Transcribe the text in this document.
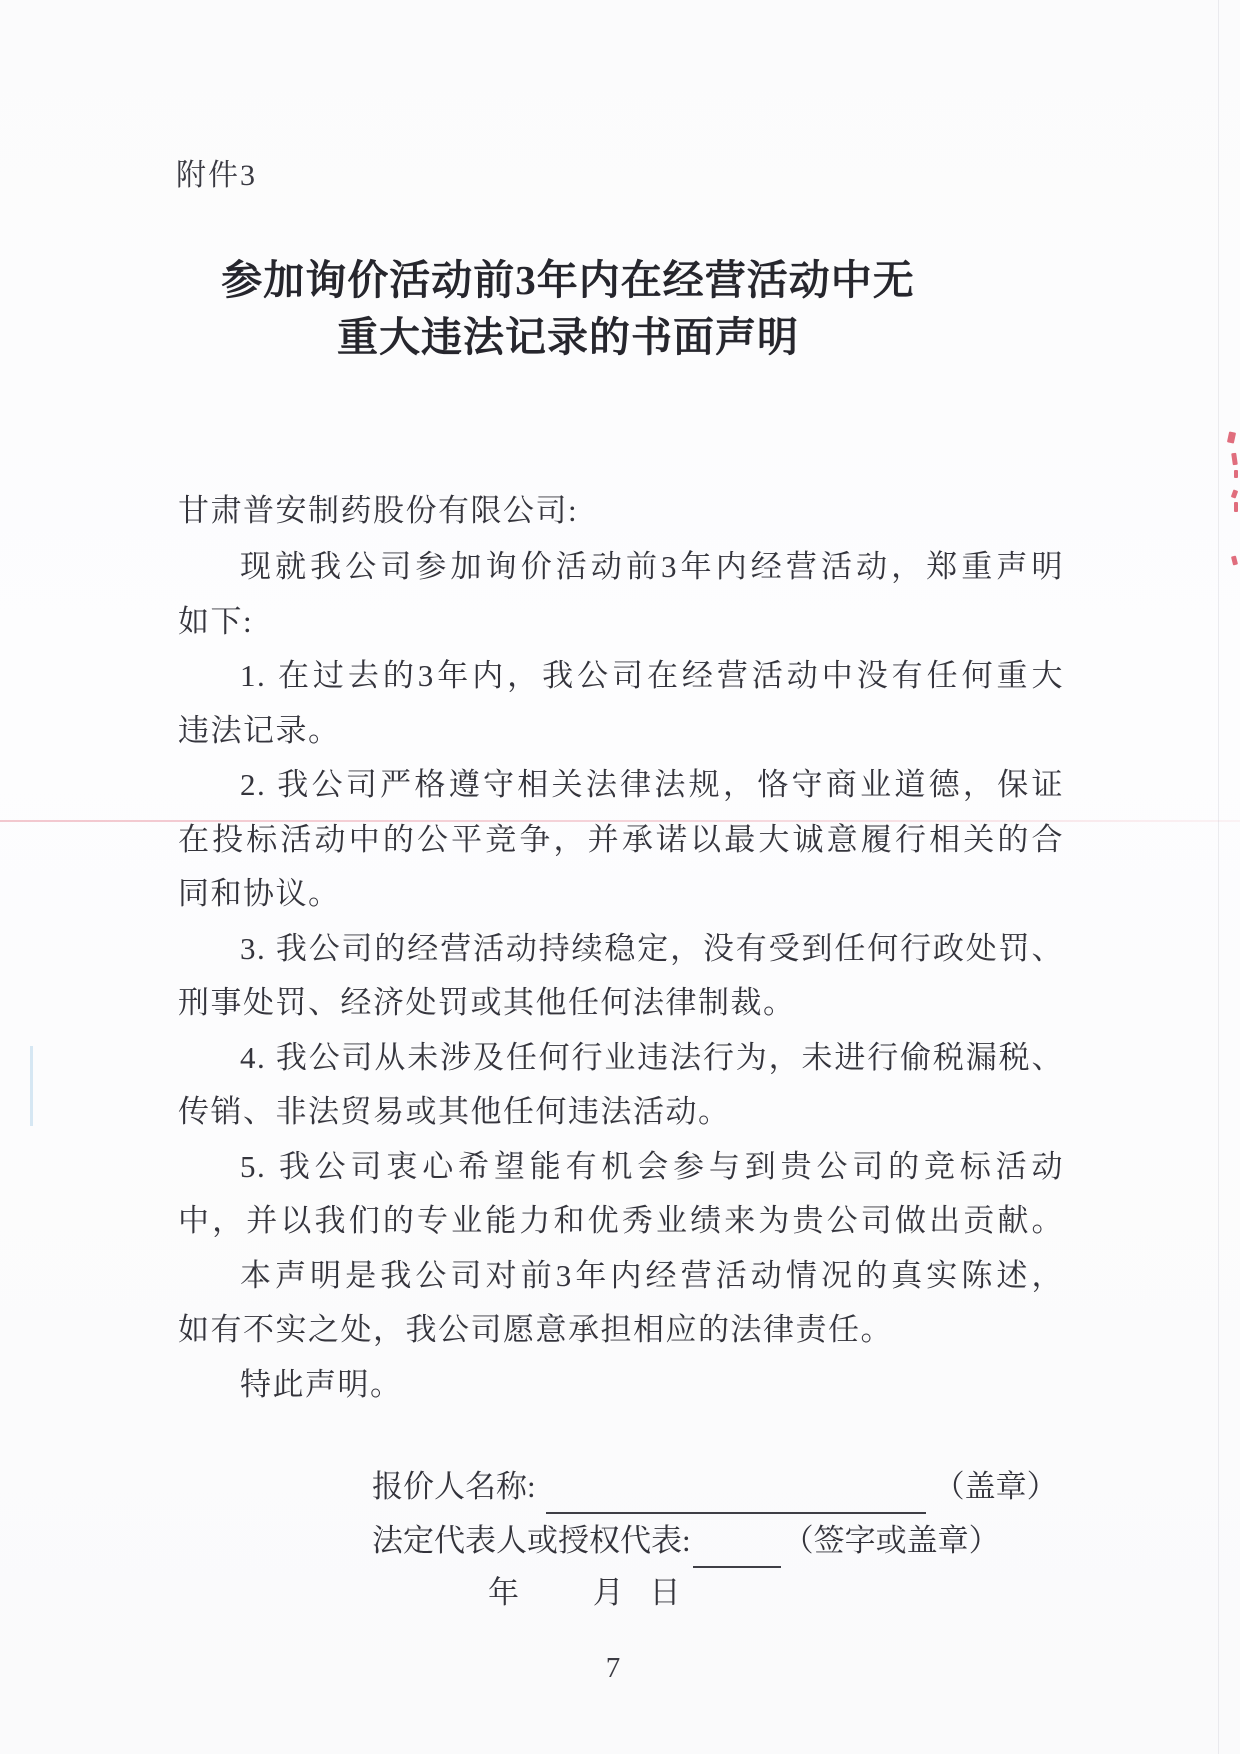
附件3
参加询价活动前3年内在经营活动中无
重大违法记录的书面声明
甘肃普安制药股份有限公司:
现就我公司参加询价活动前3年内经营活动，郑重声明
如下:
1. 在过去的3年内，我公司在经营活动中没有任何重大
违法记录。
2. 我公司严格遵守相关法律法规，恪守商业道德，保证
在投标活动中的公平竞争，并承诺以最大诚意履行相关的合
同和协议。
3. 我公司的经营活动持续稳定，没有受到任何行政处罚、
刑事处罚、经济处罚或其他任何法律制裁。
4. 我公司从未涉及任何行业违法行为，未进行偷税漏税、
传销、非法贸易或其他任何违法活动。
5. 我公司衷心希望能有机会参与到贵公司的竞标活动
中，并以我们的专业能力和优秀业绩来为贵公司做出贡献。
本声明是我公司对前3年内经营活动情况的真实陈述，
如有不实之处，我公司愿意承担相应的法律责任。
特此声明。
报价人名称:	（盖章）
法定代表人或授权代表:	（签字或盖章）
年 月 日
7
